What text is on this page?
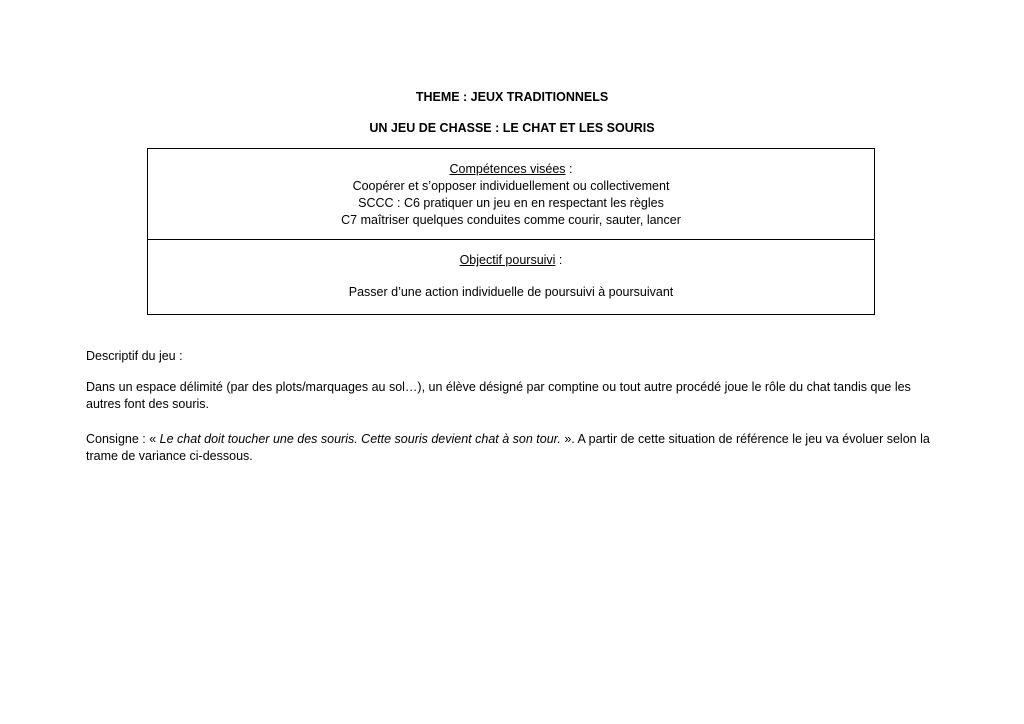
THEME : JEUX TRADITIONNELS
UN JEU DE CHASSE : LE CHAT ET LES SOURIS
Compétences visées :
Coopérer et s’opposer individuellement ou collectivement
SCCC : C6 pratiquer un jeu en en respectant les règles
C7 maîtriser quelques conduites comme courir, sauter, lancer
Objectif poursuivi :
Passer d’une action individuelle de poursuivi à poursuivant
Descriptif du jeu :
Dans un espace délimité (par des plots/marquages au sol…), un élève désigné par comptine ou tout autre procédé joue le rôle du chat tandis que les autres font des souris.
Consigne : « Le chat doit toucher une des souris. Cette souris devient chat à son tour. ». A partir de cette situation de référence le jeu va évoluer selon la trame de variance ci-dessous.
